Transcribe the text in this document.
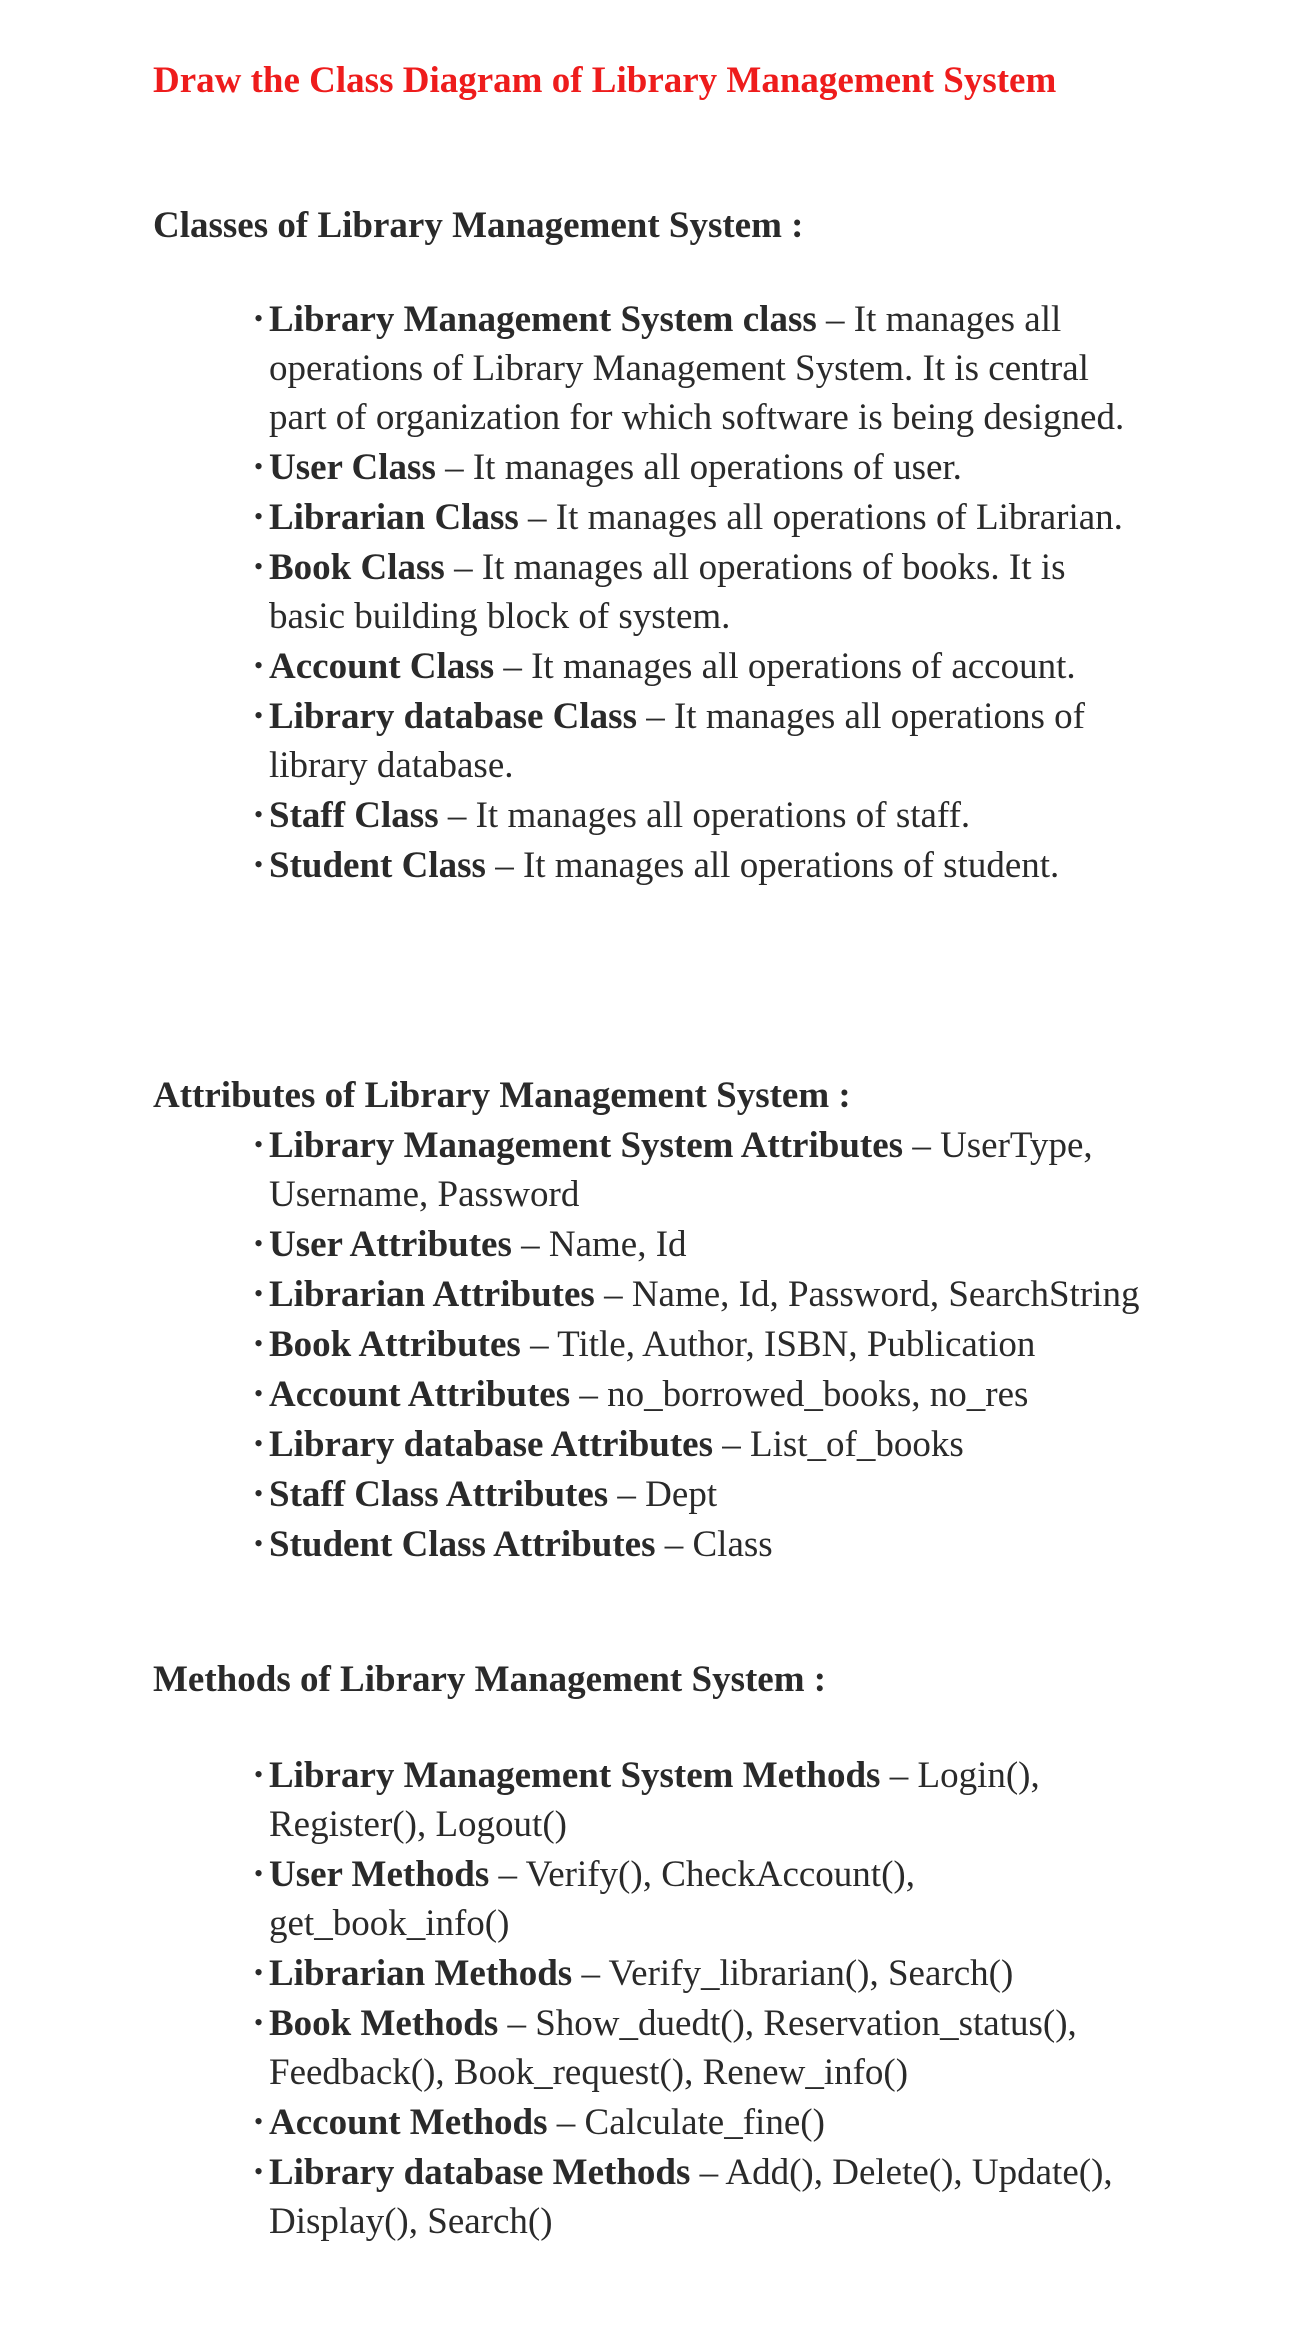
Draw the Class Diagram of Library Management System
Classes of Library Management System :
• Library Management System class – It manages all operations of Library Management System. It is central part of organization for which software is being designed.
• User Class – It manages all operations of user.
• Librarian Class – It manages all operations of Librarian.
• Book Class – It manages all operations of books. It is basic building block of system.
• Account Class – It manages all operations of account.
• Library database Class – It manages all operations of library database.
• Staff Class – It manages all operations of staff.
• Student Class – It manages all operations of student.
Attributes of Library Management System :
• Library Management System Attributes – UserType, Username, Password
• User Attributes – Name, Id
• Librarian Attributes – Name, Id, Password, SearchString
• Book Attributes – Title, Author, ISBN, Publication
• Account Attributes – no_borrowed_books, no_res
• Library database Attributes – List_of_books
• Staff Class Attributes – Dept
• Student Class Attributes – Class
Methods of Library Management System :
• Library Management System Methods – Login(), Register(), Logout()
• User Methods – Verify(), CheckAccount(), get_book_info()
• Librarian Methods – Verify_librarian(), Search()
• Book Methods – Show_duedt(), Reservation_status(), Feedback(), Book_request(), Renew_info()
• Account Methods – Calculate_fine()
• Library database Methods – Add(), Delete(), Update(), Display(), Search()
